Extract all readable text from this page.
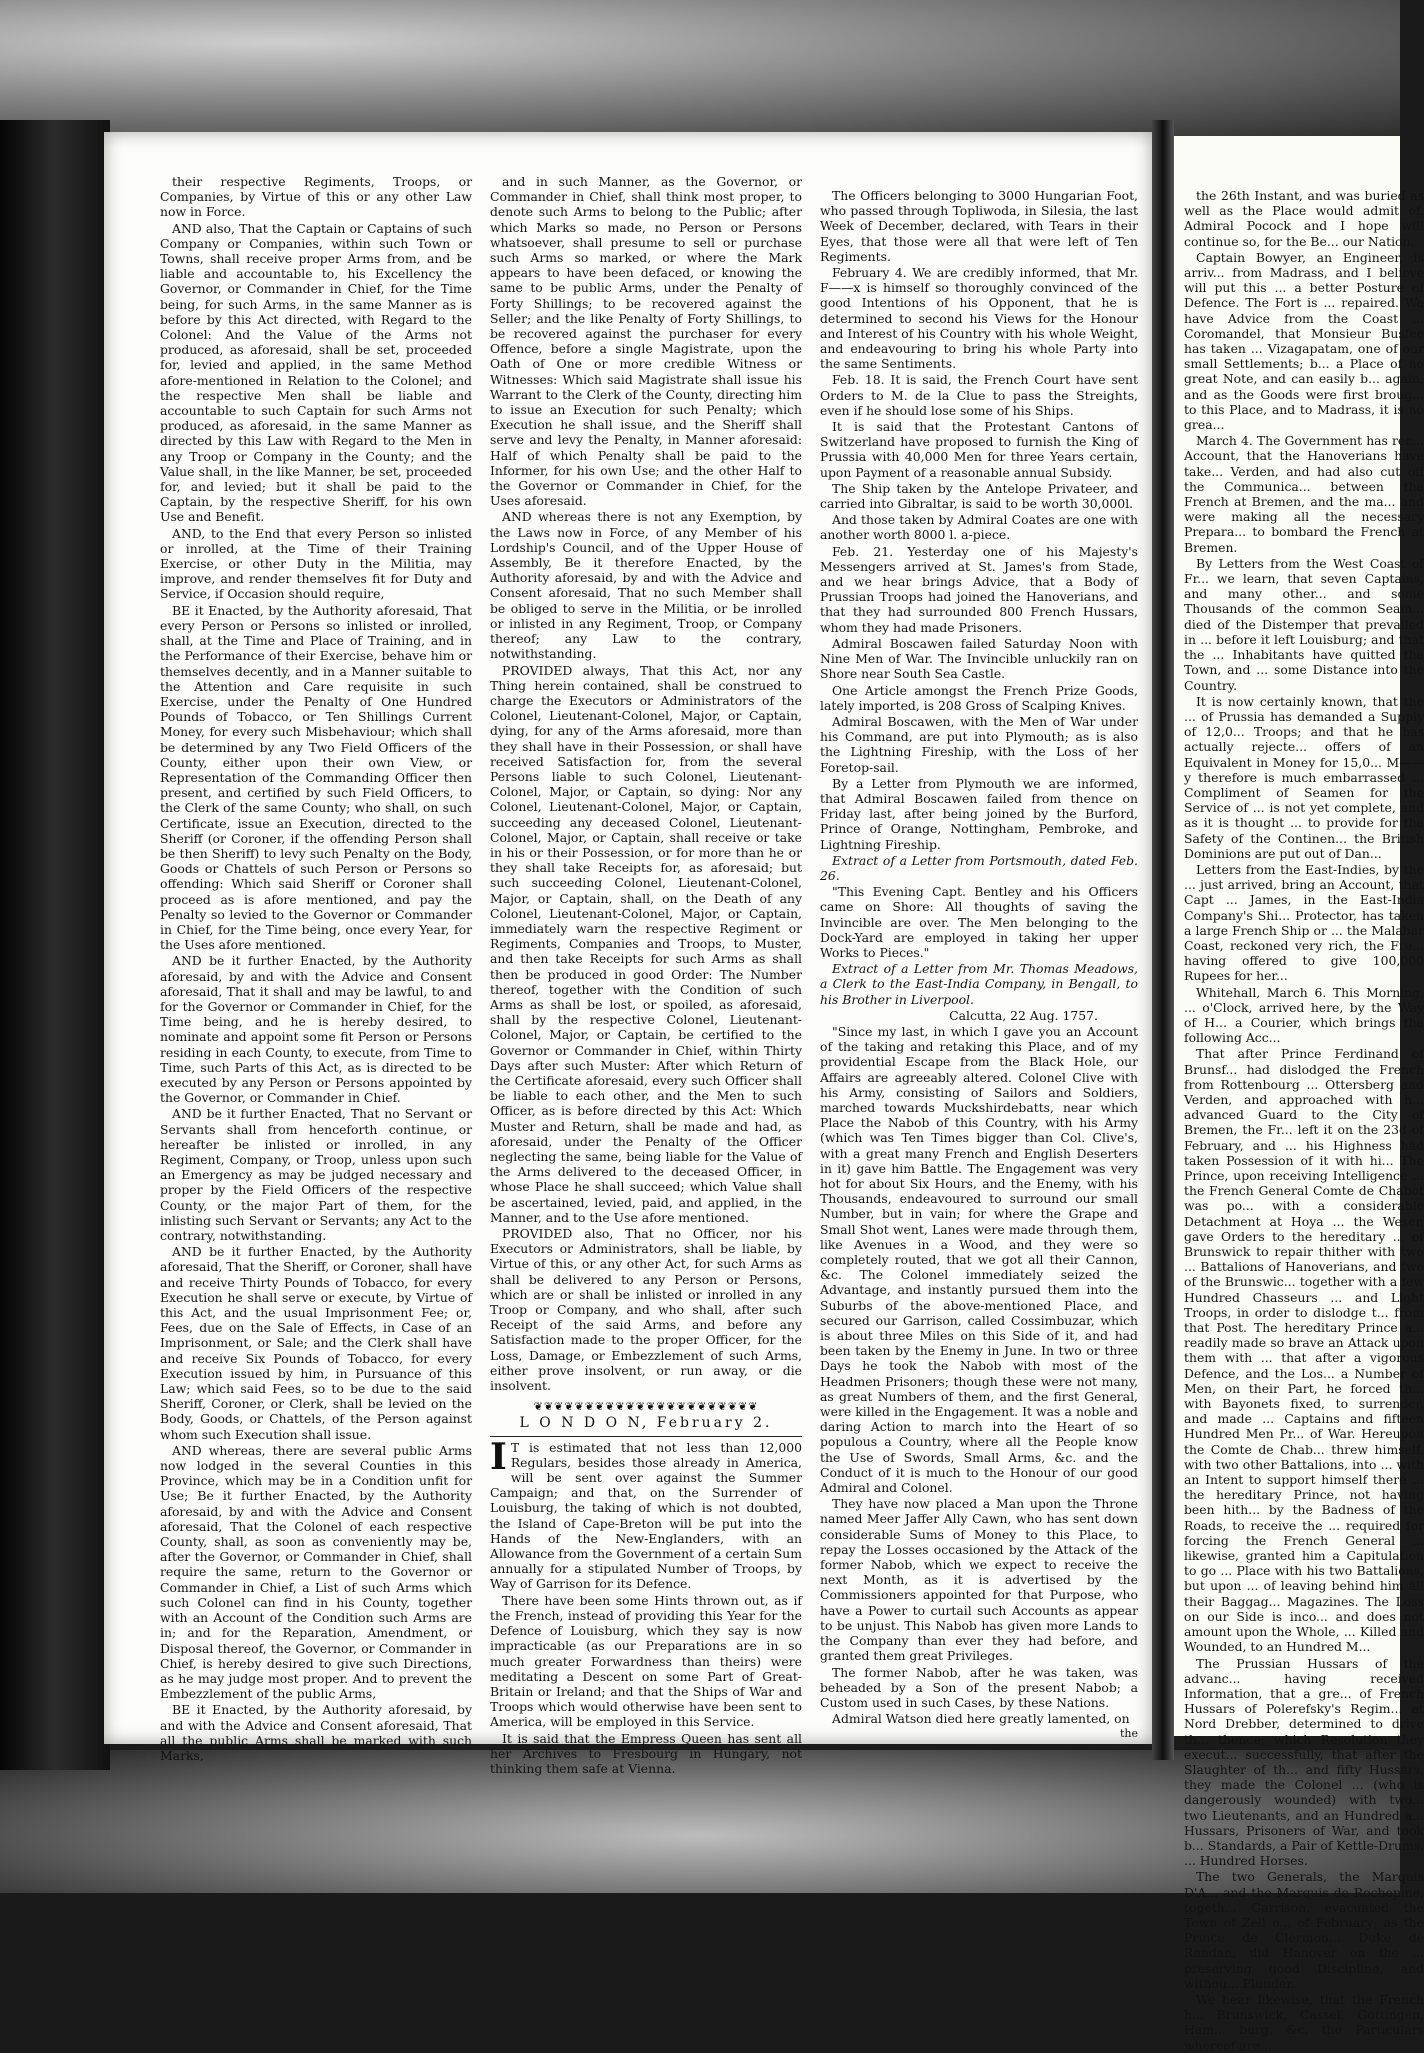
their respective Regiments, Troops, or Companies, by Virtue of this or any other Law now in Force.

AND also, That the Captain or Captains of such Company or Companies, within such Town or Towns, shall receive proper Arms from, and be liable and accountable to, his Excellency the Governor, or Commander in Chief, for the Time being, for such Arms, in the same Manner as is before by this Act directed, with Regard to the Colonel: And the Value of the Arms not produced, as aforesaid, shall be set, proceeded for, levied and applied, in the same Method afore-mentioned in Relation to the Colonel; and the respective Men shall be liable and accountable to such Captain for such Arms not produced, as aforesaid, in the same Manner as directed by this Law with Regard to the Men in any Troop or Company in the County; and the Value shall, in the like Manner, be set, proceeded for, and levied; but it shall be paid to the Captain, by the respective Sheriff, for his own Use and Benefit.

AND, to the End that every Person so inlisted or inrolled, at the Time of their Training Exercise, or other Duty in the Militia, may improve, and render themselves fit for Duty and Service, if Occasion should require,

BE it Enacted, by the Authority aforesaid, That every Person or Persons so inlisted or inrolled, shall, at the Time and Place of Training, and in the Performance of their Exercise, behave him or themselves decently, and in a Manner suitable to the Attention and Care requisite in such Exercise, under the Penalty of One Hundred Pounds of Tobacco, or Ten Shillings Current Money, for every such Misbehaviour; which shall be determined by any Two Field Officers of the County, either upon their own View, or Representation of the Commanding Officer then present, and certified by such Field Officers, to the Clerk of the same County; who shall, on such Certificate, issue an Execution, directed to the Sheriff (or Coroner, if the offending Person shall be then Sheriff) to levy such Penalty on the Body, Goods or Chattels of such Person or Persons so offending: Which said Sheriff or Coroner shall proceed as is afore mentioned, and pay the Penalty so levied to the Governor or Commander in Chief, for the Time being, once every Year, for the Uses afore mentioned.

AND be it further Enacted, by the Authority aforesaid, by and with the Advice and Consent aforesaid, That it shall and may be lawful, to and for the Governor or Commander in Chief, for the Time being, and he is hereby desired, to nominate and appoint some fit Person or Persons residing in each County, to execute, from Time to Time, such Parts of this Act, as is directed to be executed by any Person or Persons appointed by the Governor, or Commander in Chief.

AND be it further Enacted, That no Servant or Servants shall from henceforth continue, or hereafter be inlisted or inrolled, in any Regiment, Company, or Troop, unless upon such an Emergency as may be judged necessary and proper by the Field Officers of the respective County, or the major Part of them, for the inlisting such Servant or Servants; any Act to the contrary, notwithstanding.

AND be it further Enacted, by the Authority aforesaid, That the Sheriff, or Coroner, shall have and receive Thirty Pounds of Tobacco, for every Execution he shall serve or execute, by Virtue of this Act, and the usual Imprisonment Fee; or, Fees, due on the Sale of Effects, in Case of an Imprisonment, or Sale; and the Clerk shall have and receive Six Pounds of Tobacco, for every Execution issued by him, in Pursuance of this Law; which said Fees, so to be due to the said Sheriff, Coroner, or Clerk, shall be levied on the Body, Goods, or Chattels, of the Person against whom such Execution shall issue.

AND whereas, there are several public Arms now lodged in the several Counties in this Province, which may be in a Condition unfit for Use; Be it further Enacted, by the Authority aforesaid, by and with the Advice and Consent aforesaid, That the Colonel of each respective County, shall, as soon as conveniently may be, after the Governor, or Commander in Chief, shall require the same, return to the Governor or Commander in Chief, a List of such Arms which such Colonel can find in his County, together with an Account of the Condition such Arms are in; and for the Reparation, Amendment, or Disposal thereof, the Governor, or Commander in Chief, is hereby desired to give such Directions, as he may judge most proper. And to prevent the Embezzlement of the public Arms,

BE it Enacted, by the Authority aforesaid, by and with the Advice and Consent aforesaid, That all the public Arms shall be marked with such Marks,

and in such Manner, as the Governor, or Commander in Chief, shall think most proper, to denote such Arms to belong to the Public; after which Marks so made, no Person or Persons whatsoever, shall presume to sell or purchase such Arms so marked, or where the Mark appears to have been defaced, or knowing the same to be public Arms, under the Penalty of Forty Shillings; to be recovered against the Seller; and the like Penalty of Forty Shillings, to be recovered against the purchaser for every Offence, before a single Magistrate, upon the Oath of One or more credible Witness or Witnesses: Which said Magistrate shall issue his Warrant to the Clerk of the County, directing him to issue an Execution for such Penalty; which Execution he shall issue, and the Sheriff shall serve and levy the Penalty, in Manner aforesaid: Half of which Penalty shall be paid to the Informer, for his own Use; and the other Half to the Governor or Commander in Chief, for the Uses aforesaid.

AND whereas there is not any Exemption, by the Laws now in Force, of any Member of his Lordship's Council, and of the Upper House of Assembly, Be it therefore Enacted, by the Authority aforesaid, by and with the Advice and Consent aforesaid, That no such Member shall be obliged to serve in the Militia, or be inrolled or inlisted in any Regiment, Troop, or Company thereof; any Law to the contrary, notwithstanding.

PROVIDED always, That this Act, nor any Thing herein contained, shall be construed to charge the Executors or Administrators of the Colonel, Lieutenant-Colonel, Major, or Captain, dying, for any of the Arms aforesaid, more than they shall have in their Possession, or shall have received Satisfaction for, from the several Persons liable to such Colonel, Lieutenant-Colonel, Major, or Captain, so dying: Nor any Colonel, Lieutenant-Colonel, Major, or Captain, succeeding any deceased Colonel, Lieutenant-Colonel, Major, or Captain, shall receive or take in his or their Possession, or for more than he or they shall take Receipts for, as aforesaid; but such succeeding Colonel, Lieutenant-Colonel, Major, or Captain, shall, on the Death of any Colonel, Lieutenant-Colonel, Major, or Captain, immediately warn the respective Regiment or Regiments, Companies and Troops, to Muster, and then take Receipts for such Arms as shall then be produced in good Order: The Number thereof, together with the Condition of such Arms as shall be lost, or spoiled, as aforesaid, shall by the respective Colonel, Lieutenant-Colonel, Major, or Captain, be certified to the Governor or Commander in Chief, within Thirty Days after such Muster: After which Return of the Certificate aforesaid, every such Officer shall be liable to each other, and the Men to such Officer, as is before directed by this Act: Which Muster and Return, shall be made and had, as aforesaid, under the Penalty of the Officer neglecting the same, being liable for the Value of the Arms delivered to the deceased Officer, in whose Place he shall succeed; which Value shall be ascertained, levied, paid, and applied, in the Manner, and to the Use afore mentioned.

PROVIDED also, That no Officer, nor his Executors or Administrators, shall be liable, by Virtue of this, or any other Act, for such Arms as shall be delivered to any Person or Persons, which are or shall be inlisted or inrolled in any Troop or Company, and who shall, after such Receipt of the said Arms, and before any Satisfaction made to the proper Officer, for the Loss, Damage, or Embezzlement of such Arms, either prove insolvent, or run away, or die insolvent.

❦❦❦❦❦❦❦❦❦❦❦❦❦❦❦❦❦❦❦❦❦❦
L O N D O N, February 2.

I T is estimated that not less than 12,000 Regulars, besides those already in America, will be sent over against the Summer Campaign; and that, on the Surrender of Louisburg, the taking of which is not doubted, the Island of Cape-Breton will be put into the Hands of the New-Englanders, with an Allowance from the Government of a certain Sum annually for a stipulated Number of Troops, by Way of Garrison for its Defence.

There have been some Hints thrown out, as if the French, instead of providing this Year for the Defence of Louisburg, which they say is now impracticable (as our Preparations are in so much greater Forwardness than theirs) were meditating a Descent on some Part of Great-Britain or Ireland; and that the Ships of War and Troops which would otherwise have been sent to America, will be employed in this Service.

It is said that the Empress Queen has sent all her Archives to Fresbourg in Hungary, not thinking them safe at Vienna.

The Officers belonging to 3000 Hungarian Foot, who passed through Topliwoda, in Silesia, the last Week of December, declared, with Tears in their Eyes, that those were all that were left of Ten Regiments.

February 4. We are credibly informed, that Mr. F——x is himself so thoroughly convinced of the good Intentions of his Opponent, that he is determined to second his Views for the Honour and Interest of his Country with his whole Weight, and endeavouring to bring his whole Party into the same Sentiments.

Feb. 18. It is said, the French Court have sent Orders to M. de la Clue to pass the Streights, even if he should lose some of his Ships.

It is said that the Protestant Cantons of Switzerland have proposed to furnish the King of Prussia with 40,000 Men for three Years certain, upon Payment of a reasonable annual Subsidy.

The Ship taken by the Antelope Privateer, and carried into Gibraltar, is said to be worth 30,000l.

And those taken by Admiral Coates are one with another worth 8000 l. a-piece.

Feb. 21. Yesterday one of his Majesty's Messengers arrived at St. James's from Stade, and we hear brings Advice, that a Body of Prussian Troops had joined the Hanoverians, and that they had surrounded 800 French Hussars, whom they had made Prisoners.

Admiral Boscawen failed Saturday Noon with Nine Men of War. The Invincible unluckily ran on Shore near South Sea Castle.

One Article amongst the French Prize Goods, lately imported, is 208 Gross of Scalping Knives.

Admiral Boscawen, with the Men of War under his Command, are put into Plymouth; as is also the Lightning Fireship, with the Loss of her Foretop-sail.

By a Letter from Plymouth we are informed, that Admiral Boscawen failed from thence on Friday last, after being joined by the Burford, Prince of Orange, Nottingham, Pembroke, and Lightning Fireship.

Extract of a Letter from Portsmouth, dated Feb. 26.

"This Evening Capt. Bentley and his Officers came on Shore: All thoughts of saving the Invincible are over. The Men belonging to the Dock-Yard are employed in taking her upper Works to Pieces."

Extract of a Letter from Mr. Thomas Meadows, a Clerk to the East-India Company, in Bengall, to his Brother in Liverpool.

Calcutta, 22 Aug. 1757.

"Since my last, in which I gave you an Account of the taking and retaking this Place, and of my providential Escape from the Black Hole, our Affairs are agreeably altered. Colonel Clive with his Army, consisting of Sailors and Soldiers, marched towards Muckshirdebatts, near which Place the Nabob of this Country, with his Army (which was Ten Times bigger than Col. Clive's, with a great many French and English Deserters in it) gave him Battle. The Engagement was very hot for about Six Hours, and the Enemy, with his Thousands, endeavoured to surround our small Number, but in vain; for where the Grape and Small Shot went, Lanes were made through them, like Avenues in a Wood, and they were so completely routed, that we got all their Cannon, &c. The Colonel immediately seized the Advantage, and instantly pursued them into the Suburbs of the above-mentioned Place, and secured our Garrison, called Cossimbuzar, which is about three Miles on this Side of it, and had been taken by the Enemy in June. In two or three Days he took the Nabob with most of the Headmen Prisoners; though these were not many, as great Numbers of them, and the first General, were killed in the Engagement. It was a noble and daring Action to march into the Heart of so populous a Country, where all the People know the Use of Swords, Small Arms, &c. and the Conduct of it is much to the Honour of our good Admiral and Colonel.

They have now placed a Man upon the Throne named Meer Jaffer Ally Cawn, who has sent down considerable Sums of Money to this Place, to repay the Losses occasioned by the Attack of the former Nabob, which we expect to receive the next Month, as it is advertised by the Commissioners appointed for that Purpose, who have a Power to curtail such Accounts as appear to be unjust. This Nabob has given more Lands to the Company than ever they had before, and granted them great Privileges.

The former Nabob, after he was taken, was beheaded by a Son of the present Nabob; a Custom used in such Cases, by these Nations.

Admiral Watson died here greatly lamented, on

the

the 26th Instant, and was buried as well as the Place would admit of. Admiral Pocock and I hope will continue so, for the Be... our Nation.

Captain Bowyer, an Engineer, is arriv... from Madrass, and I believe will put this ... a better Posture of Defence. The Fort is ... repaired. We have Advice from the Coast ... Coromandel, that Monsieur Busfee has taken ... Vizagapatam, one of our small Settlements; b... a Place of no great Note, and can easily b... again; and as the Goods were first broug... to this Place, and to Madrass, it is no grea...

March 4. The Government has rec... Account, that the Hanoverians have take... Verden, and had also cut off the Communica... between the French at Bremen, and the ma... and were making all the necessary Prepara... to bombard the French at Bremen.

By Letters from the West Coast of Fr... we learn, that seven Captains, and many other... and some Thousands of the common Seam... died of the Distemper that prevailed in ... before it left Louisburg; and that the ... Inhabitants have quitted the Town, and ... some Distance into the Country.

It is now certainly known, that the ... of Prussia has demanded a Supply of 12,0... Troops; and that he has actually rejecte... offers of an Equivalent in Money for 15,0... M——y therefore is much embarrassed ... Compliment of Seamen for the Service of ... is not yet complete, and as it is thought ... to provide for the Safety of the Continen... the British Dominions are put out of Dan...

Letters from the East-Indies, by the ... just arrived, bring an Account, that Capt ... James, in the East-India Company's Shi... Protector, has taken a large French Ship or ... the Malabar Coast, reckoned very rich, the Fre... having offered to give 100,000 Rupees for her...

Whitehall, March 6. This Morning, ... o'Clock, arrived here, by the Way of H... a Courier, which brings the following Acc...

That after Prince Ferdinand of Brunsf... had dislodged the French from Rottenbourg ... Ottersberg and Verden, and approached with h... advanced Guard to the City of Bremen, the Fr... left it on the 23d of February, and ... his Highness had taken Possession of it with hi... The Prince, upon receiving Intelligence ... the French General Comte de Chabot was po... with a considerable Detachment at Hoya ... the Weser, gave Orders to the hereditary ... of Brunswick to repair thither with two ... Battalions of Hanoverians, and two of the Brunswic... together with a few Hundred Chasseurs ... and Light Troops, in order to dislodge t... from that Post. The hereditary Prince a... readily made so brave an Attack upon them with ... that after a vigorous Defence, and the Los... a Number of Men, on their Part, he forced th... with Bayonets fixed, to surrender, and made ... Captains and fifteen Hundred Men Pr... of War. Hereupon the Comte de Chab... threw himself, with two other Battalions, into ... with an Intent to support himself there ... the hereditary Prince, not having been hith... by the Badness of the Roads, to receive the ... required for forcing the French General ... likewise, granted him a Capitulation to go ... Place with his two Battalions, but upon ... of leaving behind him all their Baggag... Magazines. The Loss on our Side is inco... and does not amount upon the Whole, ... Killed and Wounded, to an Hundred M...

The Prussian Hussars of the advanc... having received Information, that a gre... of French Hussars of Polerefsky's Regim... at Nord Drebber, determined to drive th... thence; which Resolution they execut... successfully, that after the Slaughter of th... and fifty Hussars, they made the Colonel ... (who is dangerously wounded) with two... two Lieutenants, and an Hundred a... Hussars, Prisoners of War, and took b... Standards, a Pair of Kettle-Drums, ... Hundred Horses.

The two Generals, the Marquis D'A... and the Marquis de Rochepine, togeth... Garrison, evacuated the Town of Zell o... of February; as the Prince de Clermon... Duke de Randan, did Hanover on the ... preserving good Discipline, and withou... Plunder.

We hear likewise, that the French h... Brunswick, Cassel, Gottingen, Ham... burg, &c. the Particulars whereof are...
